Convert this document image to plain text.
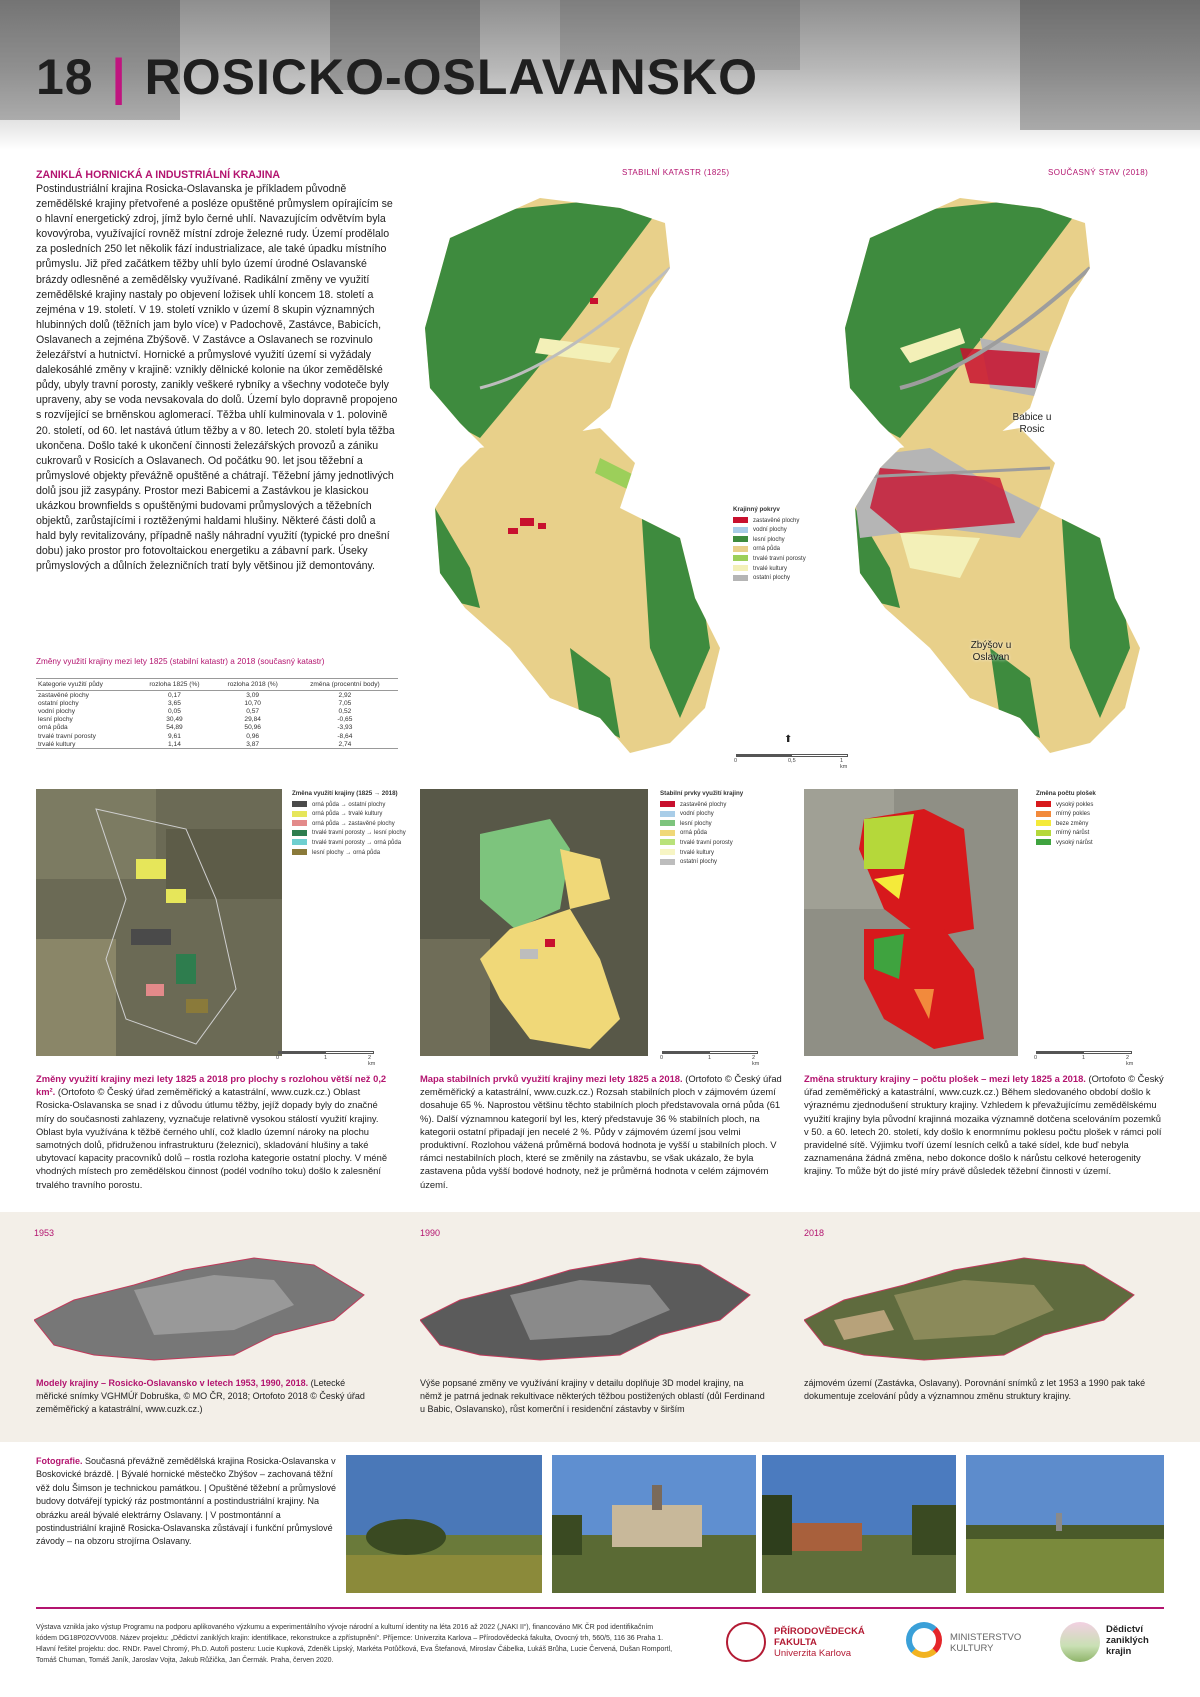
18 | ROSICKO-OSLAVANSKO
ZANIKLÁ HORNICKÁ A INDUSTRIÁLNÍ KRAJINA

Postindustriální krajina Rosicka-Oslavanska je příkladem původně zemědělské krajiny přetvořené a posléze opuštěné průmyslem opírajícím se o hlavní energetický zdroj, jímž bylo černé uhlí. Navazujícím odvětvím byla kovovýroba, využívající rovněž místní zdroje železné rudy. Území prodělalo za posledních 250 let několik fází industrializace, ale také úpadku místního průmyslu. Již před začátkem těžby uhlí bylo území úrodné Oslavanské brázdy odlesněné a zemědělsky využívané. Radikální změny ve využití zemědělské krajiny nastaly po objevení ložisek uhlí koncem 18. století a zejména v 19. století. V 19. století vzniklo v území 8 skupin významných hlubinných dolů (těžních jam bylo více) v Padochově, Zastávce, Babicích, Oslavanech a zejména Zbýšově. V Zastávce a Oslavanech se rozvinulo železářství a hutnictví. Hornické a průmyslové využití území si vyžádaly dalekosáhlé změny v krajině: vznikly dělnické kolonie na úkor zemědělské půdy, ubyly travní porosty, zanikly veškeré rybníky a všechny vodoteče byly upraveny, aby se voda nevsakovala do dolů. Území bylo dopravně propojeno s rozvíjející se brněnskou aglomerací. Těžba uhlí kulminovala v 1. polovině 20. století, od 60. let nastává útlum těžby a v 80. letech 20. století byla těžba ukončena. Došlo také k ukončení činnosti železářských provozů a zániku cukrovarů v Rosicích a Oslavanech. Od počátku 90. let jsou těžební a průmyslové objekty převážně opuštěné a chátrají. Těžební jámy jednotlivých dolů jsou již zasypány. Prostor mezi Babicemi a Zastávkou je klasickou ukázkou brownfields s opuštěnými budovami průmyslových a těžebních objektů, zarůstajícími i roztěženými haldami hlušiny. Některé části dolů a hald byly revitalizovány, případně našly náhradní využití (typické pro dnešní dobu) jako prostor pro fotovoltaickou energetiku a zábavní park. Úseky průmyslových a důlních železničních tratí byly většinou již demontovány.

Změny využití krajiny mezi lety 1825 (stabilní katastr) a 2018 (současný katastr)
Kategorie využití půdy	rozloha 1825 (%)	rozloha 2018 (%)	změna (procentní body)
zastavěné plochy	0,17	3,09	2,92
ostatní plochy	3,65	10,70	7,05
vodní plochy	0,05	0,57	0,52
lesní plochy	30,49	29,84	-0,65
orná půda	54,89	50,96	-3,93
trvalé travní porosty	9,61	0,96	-8,64
trvalé kultury	1,14	3,87	2,74
STABILNÍ KATASTR (1825)	SOUČASNÝ STAV (2018)
Babice u Rosic
Zbýšov u Oslavan
Krajinný pokryv
zastavěné plochy
vodní plochy
lesní plochy
orná půda
trvalé travní porosty
trvalé kultury
ostatní plochy
⬆
0	0,5	1 km
Změna využití krajiny (1825 → 2018)
orná půda → ostatní plochy
orná půda → trvalé kultury
orná půda → zastavěné plochy
trvalé travní porosty → lesní plochy
trvalé travní porosty → orná půda
lesní plochy → orná půda
Stabilní prvky využití krajiny
zastavěné plochy
vodní plochy
lesní plochy
orná půda
trvalé travní porosty
trvalé kultury
ostatní plochy
Změna počtu plošek
vysoký pokles
mírný pokles
beze změny
mírný nárůst
vysoký nárůst
0	1	2 km
0	1	2 km
0	1	2 km
Změny využití krajiny mezi lety 1825 a 2018 pro plochy s rozlohou větší než 0,2 km². (Ortofoto © Český úřad zeměměřický a katastrální, www.cuzk.cz.) Oblast Rosicka-Oslavanska se snad i z důvodu útlumu těžby, jejíž dopady byly do značné míry do současnosti zahlazeny, vyznačuje relativně vysokou stálostí využití krajiny. Oblast byla využívána k těžbě černého uhlí, což kladlo územní nároky na plochu samotných dolů, přidruženou infrastrukturu (železnici), skladování hlušiny a také ubytovací kapacity pracovníků dolů – rostla rozloha kategorie ostatní plochy. V méně vhodných místech pro zemědělskou činnost (podél vodního toku) došlo k zalesnění trvalého travního porostu.
Mapa stabilních prvků využití krajiny mezi lety 1825 a 2018. (Ortofoto © Český úřad zeměměřický a katastrální, www.cuzk.cz.) Rozsah stabilních ploch v zájmovém území dosahuje 65 %. Naprostou většinu těchto stabilních ploch představovala orná půda (61 %). Další významnou kategorií byl les, který představuje 36 % stabilních ploch, na kategorii ostatní připadají jen necelé 2 %. Půdy v zájmovém území jsou velmi produktivní. Rozlohou vážená průměrná bodová hodnota je vyšší u stabilních ploch. V rámci nestabilních ploch, které se změnily na zástavbu, se však ukázalo, že byla zastavena půda vyšší bodové hodnoty, než je průměrná hodnota v celém zájmovém území.
Změna struktury krajiny – počtu plošek – mezi lety 1825 a 2018. (Ortofoto © Český úřad zeměměřický a katastrální, www.cuzk.cz.) Během sledovaného období došlo k výraznému zjednodušení struktury krajiny. Vzhledem k převažujícímu zemědělskému využití krajiny byla původní krajinná mozaika významně dotčena scelováním pozemků v 50. a 60. letech 20. století, kdy došlo k enormnímu poklesu počtu plošek v rámci polí pravidelné sítě. Výjimku tvoří území lesních celků a také sídel, kde buď nebyla zaznamenána žádná změna, nebo dokonce došlo k nárůstu celkové heterogenity krajiny. To může být do jisté míry právě důsledek těžební činnosti v území.
1953	1990	2018
Modely krajiny – Rosicko-Oslavansko v letech 1953, 1990, 2018. (Letecké měřické snímky VGHMÚř Dobruška, © MO ČR, 2018; Ortofoto 2018 © Český úřad zeměměřický a katastrální, www.cuzk.cz.)
Výše popsané změny ve využívání krajiny v detailu doplňuje 3D model krajiny, na němž je patrná jednak rekultivace některých těžbou postižených oblastí (důl Ferdinand u Babic, Oslavansko), růst komerční i residenční zástavby v širším
zájmovém území (Zastávka, Oslavany). Porovnání snímků z let 1953 a 1990 pak také dokumentuje zcelování půdy a významnou změnu struktury krajiny.
Fotografie. Současná převážně zemědělská krajina Rosicka-Oslavanska v Boskovické brázdě. | Bývalé hornické městečko Zbýšov – zachovaná těžní věž dolu Šimson je technickou památkou. | Opuštěné těžební a průmyslové budovy dotvářejí typický ráz postmontánní a postindustriální krajiny. Na obrázku areál bývalé elektrárny Oslavany. | V postmontánní a postindustriální krajině Rosicka-Oslavanska zůstávají i funkční průmyslové závody – na obzoru strojírna Oslavany.
Výstava vznikla jako výstup Programu na podporu aplikovaného výzkumu a experimentálního vývoje národní a kulturní identity na léta 2016 až 2022 („NAKI II“), financováno MK ČR pod identifikačním kódem DG18P02OVV008. Název projektu: „Dědictví zaniklých krajin: identifikace, rekonstrukce a zpřístupnění“. Příjemce: Univerzita Karlova – Přírodovědecká fakulta, Ovocný trh, 560/5, 116 36 Praha 1. Hlavní řešitel projektu: doc. RNDr. Pavel Chromý, Ph.D. Autoři posteru: Lucie Kupková, Zdeněk Lipský, Markéta Potůčková, Eva Štefanová, Miroslav Čábelka, Lukáš Brůha, Lucie Červená, Dušan Romportl, Tomáš Chuman, Tomáš Janík, Jaroslav Vojta, Jakub Růžička, Jan Čermák. Praha, červen 2020.
PŘÍRODOVĚDECKÁ
FAKULTA
Univerzita Karlova
MINISTERSTVO
KULTURY
Dědictví
zaniklých
krajin
